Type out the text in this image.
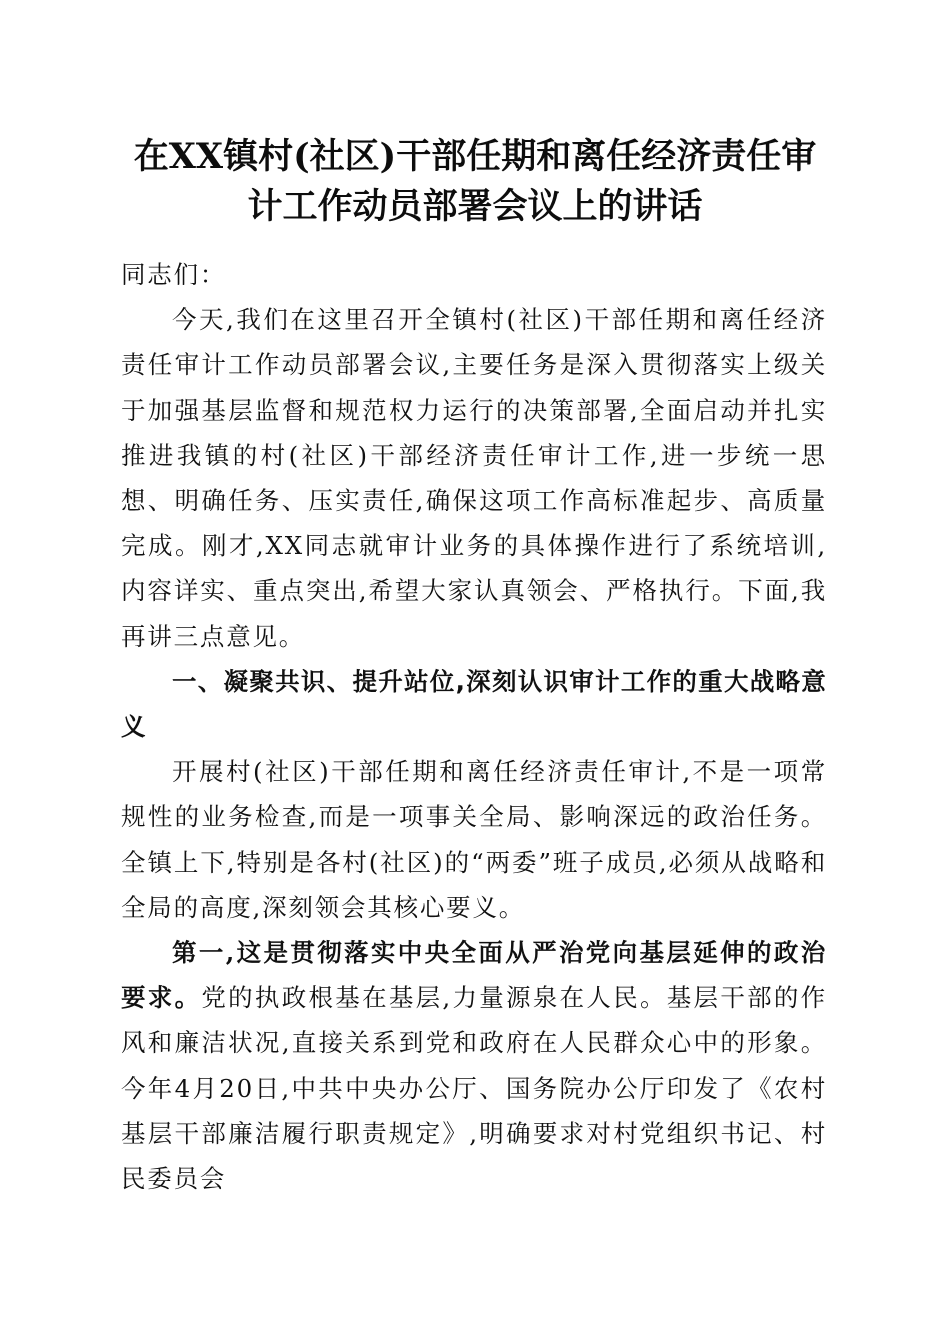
在XX镇村(社区)干部任期和离任经济责任审
计工作动员部署会议上的讲话

同志们：

今天,我们在这里召开全镇村(社区)干部任期和离任经济责任审计工作动员部署会议,主要任务是深入贯彻落实上级关于加强基层监督和规范权力运行的决策部署,全面启动并扎实推进我镇的村(社区)干部经济责任审计工作,进一步统一思想、明确任务、压实责任,确保这项工作高标准起步、高质量完成。刚才,XX同志就审计业务的具体操作进行了系统培训,内容详实、重点突出,希望大家认真领会、严格执行。下面,我再讲三点意见。

一、凝聚共识、提升站位,深刻认识审计工作的重大战略意义

开展村(社区)干部任期和离任经济责任审计,不是一项常规性的业务检查,而是一项事关全局、影响深远的政治任务。全镇上下,特别是各村(社区)的“两委”班子成员,必须从战略和全局的高度,深刻领会其核心要义。

第一,这是贯彻落实中央全面从严治党向基层延伸的政治要求。党的执政根基在基层,力量源泉在人民。基层干部的作风和廉洁状况,直接关系到党和政府在人民群众心中的形象。今年4月20日,中共中央办公厅、国务院办公厅印发了《农村基层干部廉洁履行职责规定》,明确要求对村党组织书记、村民委员会
